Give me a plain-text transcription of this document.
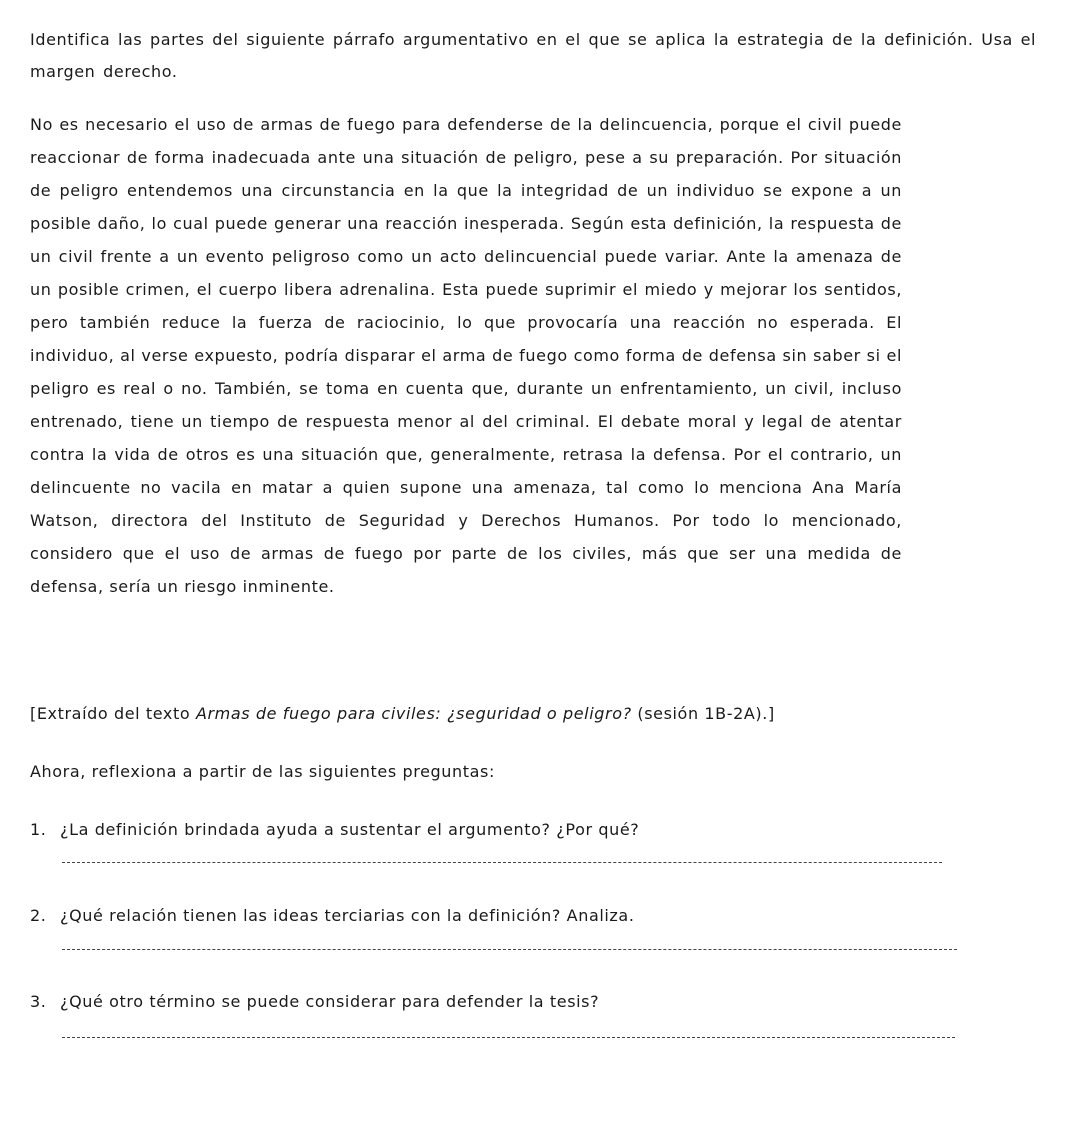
Identifica las partes del siguiente párrafo argumentativo en el que se aplica la estrategia de la definición. Usa el margen derecho.

No es necesario el uso de armas de fuego para defenderse de la delincuencia, porque el civil puede reaccionar de forma inadecuada ante una situación de peligro, pese a su preparación. Por situación de peligro entendemos una circunstancia en la que la integridad de un individuo se expone a un posible daño, lo cual puede generar una reacción inesperada. Según esta definición, la respuesta de un civil frente a un evento peligroso como un acto delincuencial puede variar. Ante la amenaza de un posible crimen, el cuerpo libera adrenalina. Esta puede suprimir el miedo y mejorar los sentidos, pero también reduce la fuerza de raciocinio, lo que provocaría una reacción no esperada. El individuo, al verse expuesto, podría disparar el arma de fuego como forma de defensa sin saber si el peligro es real o no. También, se toma en cuenta que, durante un enfrentamiento, un civil, incluso entrenado, tiene un tiempo de respuesta menor al del criminal. El debate moral y legal de atentar contra la vida de otros es una situación que, generalmente, retrasa la defensa. Por el contrario, un delincuente no vacila en matar a quien supone una amenaza, tal como lo menciona Ana María Watson, directora del Instituto de Seguridad y Derechos Humanos. Por todo lo mencionado, considero que el uso de armas de fuego por parte de los civiles, más que ser una medida de defensa, sería un riesgo inminente.

[Extraído del texto Armas de fuego para civiles: ¿seguridad o peligro? (sesión 1B-2A).]
Ahora, reflexiona a partir de las siguientes preguntas:
1. ¿La definición brindada ayuda a sustentar el argumento? ¿Por qué?
2. ¿Qué relación tienen las ideas terciarias con la definición? Analiza.
3. ¿Qué otro término se puede considerar para defender la tesis?
